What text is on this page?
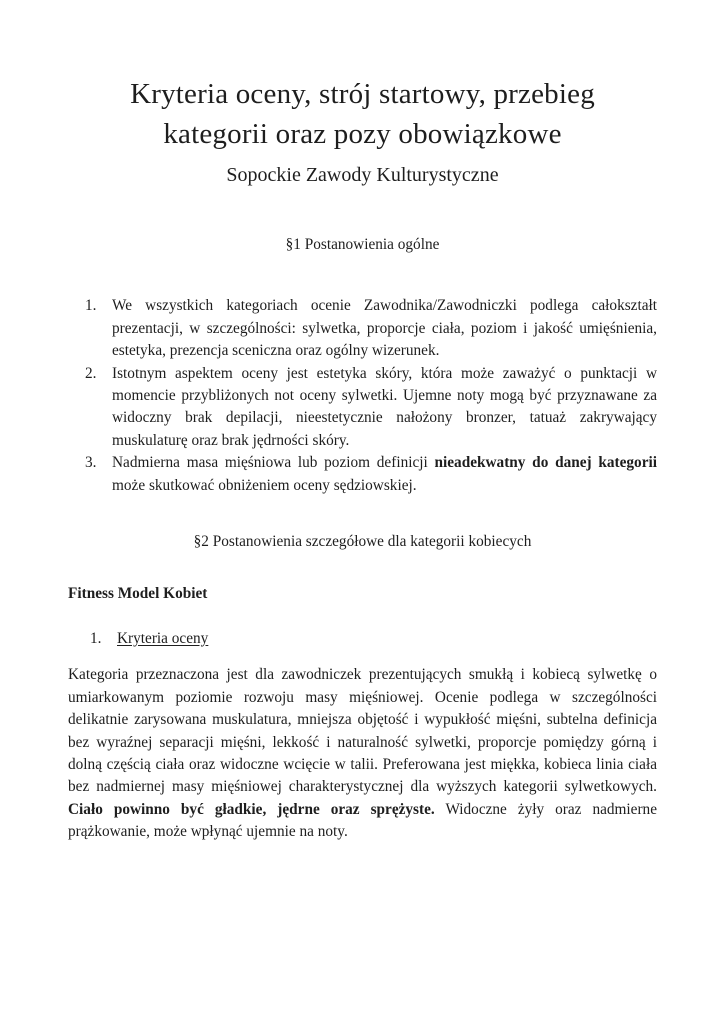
Kryteria oceny, strój startowy, przebieg
kategorii oraz pozy obowiązkowe
Sopockie Zawody Kulturystyczne
§1 Postanowienia ogólne
1.	We wszystkich kategoriach ocenie Zawodnika/Zawodniczki podlega całokształt prezentacji, w szczególności: sylwetka, proporcje ciała, poziom i jakość umięśnienia, estetyka, prezencja sceniczna oraz ogólny wizerunek.
2.	Istotnym aspektem oceny jest estetyka skóry, która może zaważyć o punktacji w momencie przybliżonych not oceny sylwetki. Ujemne noty mogą być przyznawane za widoczny brak depilacji, nieestetycznie nałożony bronzer, tatuaż zakrywający muskulaturę oraz brak jędrności skóry.
3.	Nadmierna masa mięśniowa lub poziom definicji nieadekwatny do danej kategorii może skutkować obniżeniem oceny sędziowskiej.
§2 Postanowienia szczegółowe dla kategorii kobiecych
Fitness Model Kobiet
1.	Kryteria oceny

Kategoria przeznaczona jest dla zawodniczek prezentujących smukłą i kobiecą sylwetkę o umiarkowanym poziomie rozwoju masy mięśniowej. Ocenie podlega w szczególności delikatnie zarysowana muskulatura, mniejsza objętość i wypukłość mięśni, subtelna definicja bez wyraźnej separacji mięśni, lekkość i naturalność sylwetki, proporcje pomiędzy górną i dolną częścią ciała oraz widoczne wcięcie w talii. Preferowana jest miękka, kobieca linia ciała bez nadmiernej masy mięśniowej charakterystycznej dla wyższych kategorii sylwetkowych. Ciało powinno być gładkie, jędrne oraz sprężyste. Widoczne żyły oraz nadmierne prążkowanie, może wpłynąć ujemnie na noty.
